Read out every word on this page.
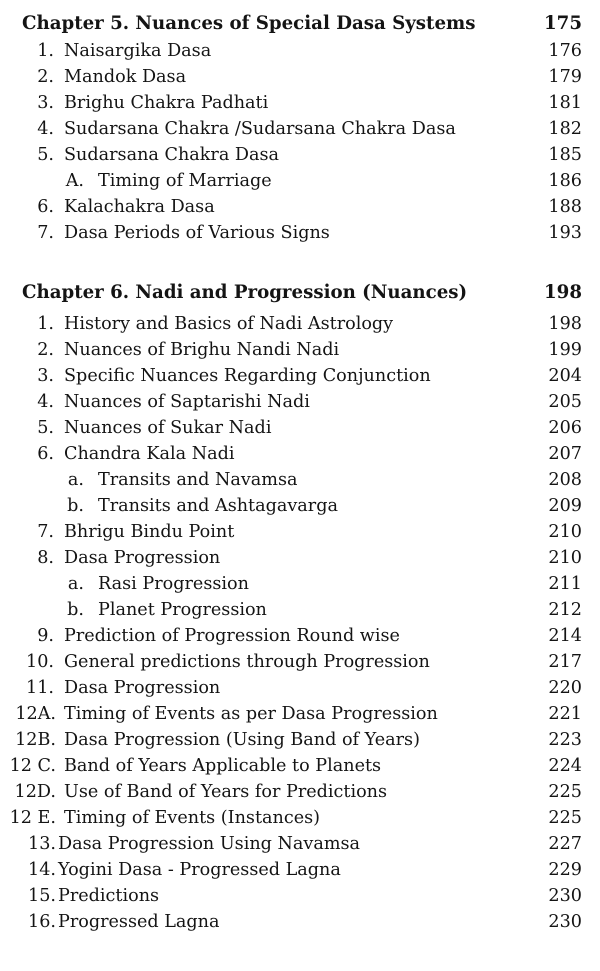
Chapter 5. Nuances of Special Dasa Systems	175
1. Naisargika Dasa	176
2. Mandok Dasa	179
3. Brighu Chakra Padhati	181
4. Sudarsana Chakra /Sudarsana Chakra Dasa	182
5. Sudarsana Chakra Dasa	185
A. Timing of Marriage	186
6. Kalachakra Dasa	188
7. Dasa Periods of Various Signs	193
Chapter 6. Nadi and Progression (Nuances)	198
1. History and Basics of Nadi Astrology	198
2. Nuances of Brighu Nandi Nadi	199
3. Specific Nuances Regarding Conjunction	204
4. Nuances of Saptarishi Nadi	205
5. Nuances of Sukar Nadi	206
6. Chandra Kala Nadi	207
a. Transits and Navamsa	208
b. Transits and Ashtagavarga	209
7. Bhrigu Bindu Point	210
8. Dasa Progression	210
a. Rasi Progression	211
b. Planet Progression	212
9. Prediction of Progression Round wise	214
10. General predictions through Progression	217
11. Dasa Progression	220
12A. Timing of Events as per Dasa Progression	221
12B. Dasa Progression (Using Band of Years)	223
12 C. Band of Years Applicable to Planets	224
12D. Use of Band of Years for Predictions	225
12 E. Timing of Events (Instances)	225
13. Dasa Progression Using Navamsa	227
14. Yogini Dasa - Progressed Lagna	229
15. Predictions	230
16. Progressed Lagna	230
